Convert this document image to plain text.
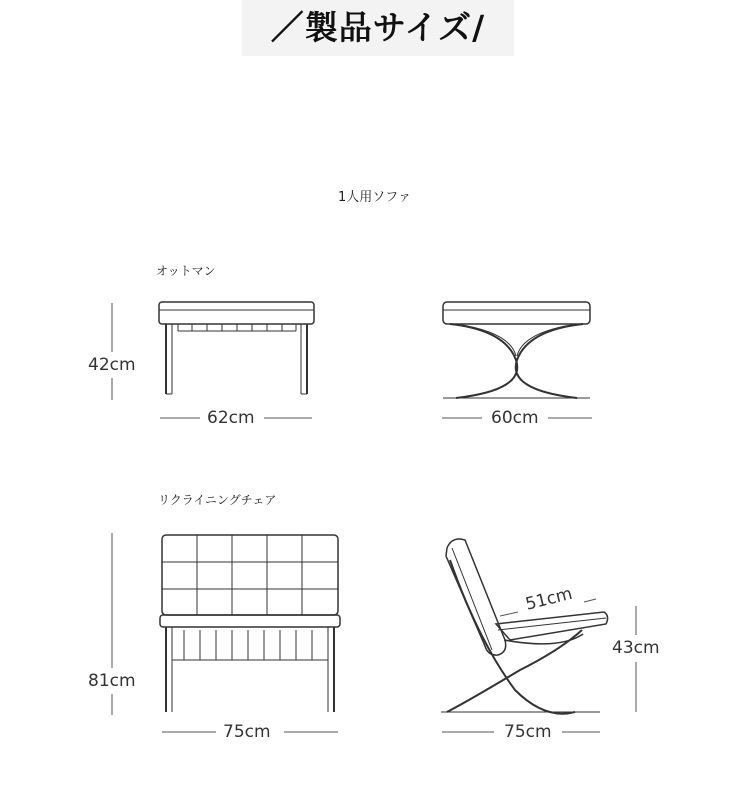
／製品サイズ/
1人用ソファ
オットマン
リクライニングチェア
42cm
62cm	60cm
81cm
75cm	75cm
43cm
51cm
